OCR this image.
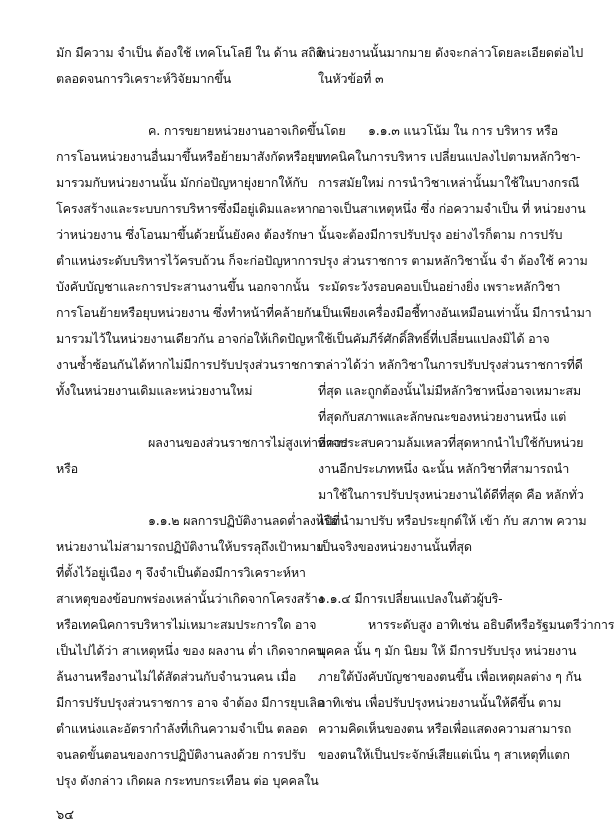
มัก มีความ จำเป็น ต้องใช้ เทคโนโลยี ใน ด้าน สถิติ
ตลอดจนการวิเคราะห์วิจัยมากขึ้น
ค. การขยายหน่วยงานอาจเกิดขึ้นโดย
การโอนหน่วยงานอื่นมาขึ้นหรือย้ายมาสังกัดหรือยุบ
มารวมกับหน่วยงานนั้น มักก่อปัญหายุ่งยากให้กับ
โครงสร้างและระบบการบริหารซึ่งมีอยู่เดิมและหาก
ว่าหน่วยงาน ซึ่งโอนมาขึ้นด้วยนั้นยังคง ต้องรักษา
ตำแหน่งระดับบริหารไว้ครบถ้วน ก็จะก่อปัญหาการ
บังคับบัญชาและการประสานงานขึ้น นอกจากนั้น
การโอนย้ายหรือยุบหน่วยงาน ซึ่งทำหน้าที่คล้ายกัน
มารวมไว้ในหน่วยงานเดียวกัน อาจก่อให้เกิดปัญหา
งานซ้ำซ้อนกันได้หากไม่มีการปรับปรุงส่วนราชการ
ทั้งในหน่วยงานเดิมและหน่วยงานใหม่
ผลงานของส่วนราชการไม่สูงเท่าที่ควร
หรือ
๑.๑.๒ ผลการปฏิบัติงานลดต่ำลงหรือ
หน่วยงานไม่สามารถปฏิบัติงานให้บรรลุถึงเป้าหมาย
ที่ตั้งไว้อยู่เนือง ๆ จึงจำเป็นต้องมีการวิเคราะห์หา
สาเหตุของข้อบกพร่องเหล่านั้นว่าเกิดจากโครงสร้าง
หรือเทคนิคการบริหารไม่เหมาะสมประการใด อาจ
เป็นไปได้ว่า สาเหตุหนึ่ง ของ ผลงาน ต่ำ เกิดจากคน
ล้นงานหรืองานไม่ได้สัดส่วนกับจำนวนคน เมื่อ
มีการปรับปรุงส่วนราชการ อาจ จำต้อง มีการยุบเลิก
ตำแหน่งและอัตรากำลังที่เกินความจำเป็น ตลอด
จนลดขั้นตอนของการปฏิบัติงานลงด้วย การปรับ
ปรุง ดังกล่าว เกิดผล กระทบกระเทือน ต่อ บุคคลใน
หน่วยงานนั้นมากมาย ดังจะกล่าวโดยละเอียดต่อไป
ในหัวข้อที่ ๓
๑.๑.๓ แนวโน้ม ใน การ บริหาร หรือ
เทคนิคในการบริหาร เปลี่ยนแปลงไปตามหลักวิชา-
การสมัยใหม่ การนำวิชาเหล่านั้นมาใช้ในบางกรณี
อาจเป็นสาเหตุหนึ่ง ซึ่ง ก่อความจำเป็น ที่ หน่วยงาน
นั้นจะต้องมีการปรับปรุง อย่างไรก็ตาม การปรับ
ปรุง ส่วนราชการ ตามหลักวิชานั้น จำ ต้องใช้ ความ
ระมัดระวังรอบคอบเป็นอย่างยิ่ง เพราะหลักวิชา
เป็นเพียงเครื่องมือชี้ทางอันเหมือนเท่านั้น มีการนำมา
ใช้เป็นคัมภีร์ศักดิ์สิทธิ์ที่เปลี่ยนแปลงมิได้ อาจ
กล่าวได้ว่า หลักวิชาในการปรับปรุงส่วนราชการที่ดี
ที่สุด และถูกต้องนั้นไม่มีหลักวิชาหนึ่งอาจเหมาะสม
ที่สุดกับสภาพและลักษณะของหน่วยงานหนึ่ง แต่
อาจประสบความล้มเหลวที่สุดหากนำไปใช้กับหน่วย
งานอีกประเภทหนึ่ง ฉะนั้น หลักวิชาที่สามารถนำ
มาใช้ในการปรับปรุงหน่วยงานได้ดีที่สุด คือ หลักทั่ว
ไปที่นำมาปรับ หรือประยุกต์ให้ เข้า กับ สภาพ ความ
เป็นจริงของหน่วยงานนั้นที่สุด
๑.๑.๔ มีการเปลี่ยนแปลงในตัวผู้บริ-
หารระดับสูง อาทิเช่น อธิบดีหรือรัฐมนตรีว่าการ
บุคคล นั้น ๆ มัก นิยม ให้ มีการปรับปรุง หน่วยงาน
ภายใต้บังคับบัญชาของตนขึ้น เพื่อเหตุผลต่าง ๆ กัน
อาทิเช่น เพื่อปรับปรุงหน่วยงานนั้นให้ดีขึ้น ตาม
ความคิดเห็นของตน หรือเพื่อแสดงความสามารถ
ของตนให้เป็นประจักษ์เสียแต่เนิ่น ๆ สาเหตุที่แตก
๖๔
